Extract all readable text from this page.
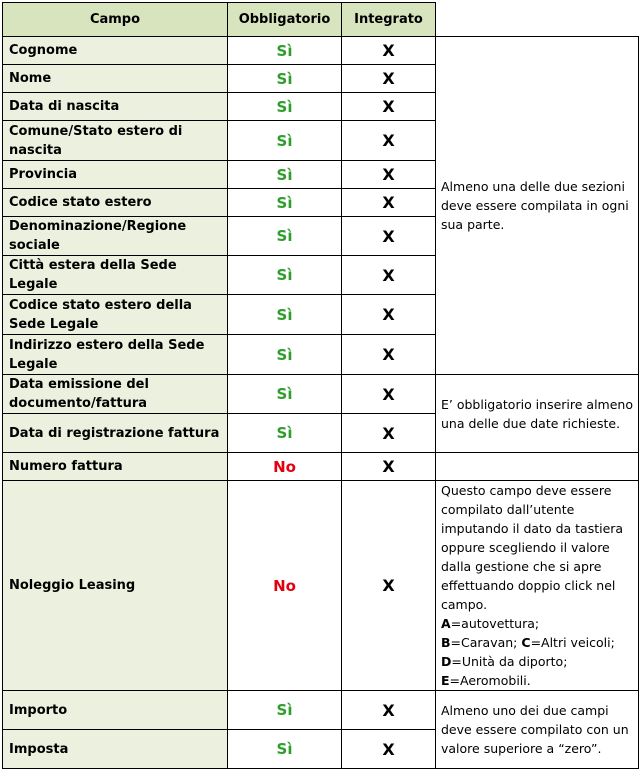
Campo	Obbligatorio	Integrato	
Cognome	Sì	X	Almeno una delle due sezioni deve essere compilata in ogni sua parte.
Nome	Sì	X	
Data di nascita	Sì	X	
Comune/Stato estero di nascita	Sì	X	
Provincia	Sì	X	
Codice stato estero	Sì	X	
Denominazione/Regione sociale	Sì	X	
Città estera della Sede Legale	Sì	X	
Codice stato estero della Sede Legale	Sì	X	
Indirizzo estero della Sede Legale	Sì	X	
Data emissione del documento/fattura	Sì	X	E’ obbligatorio inserire almeno una delle due date richieste.
Data di registrazione fattura	Sì	X	
Numero fattura	No	X	
Noleggio Leasing	No	X	Questo campo deve essere compilato dall’utente imputando il dato da tastiera oppure scegliendo il valore dalla gestione che si apre effettuando doppio click nel campo.
A=autovettura;
B=Caravan; C=Altri veicoli;
D=Unità da diporto;
E=Aeromobili.
Importo	Sì	X	Almeno uno dei due campi deve essere compilato con un valore superiore a “zero”.
Imposta	Sì	X	
